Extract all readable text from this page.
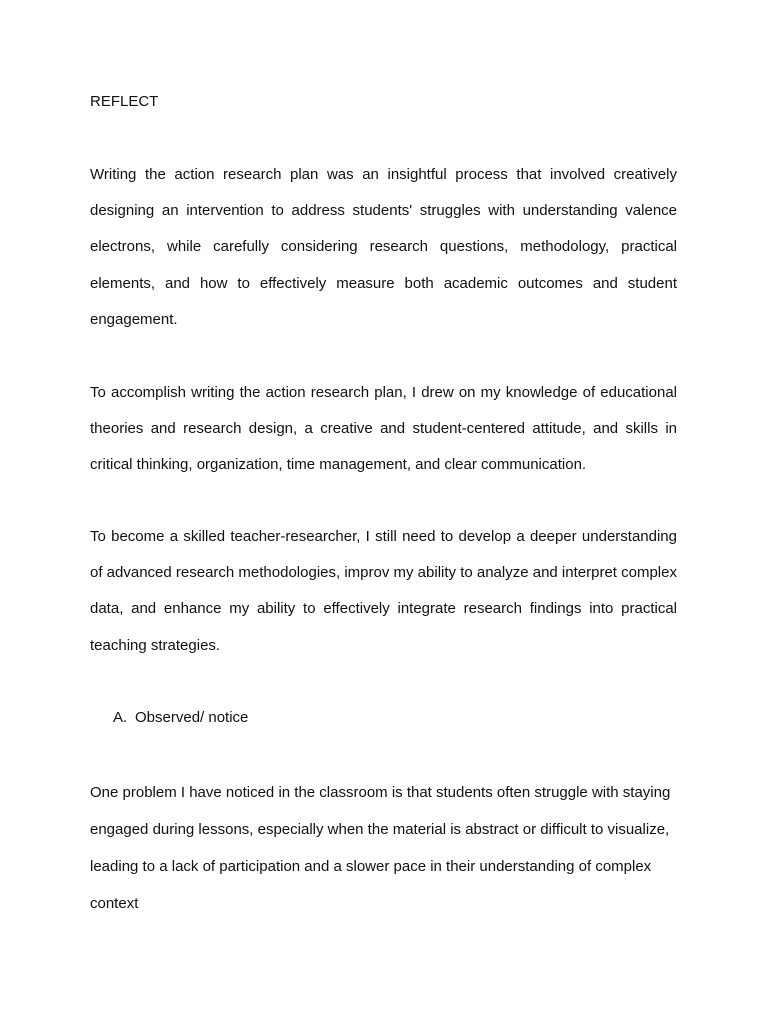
REFLECT

Writing the action research plan was an insightful process that involved creatively designing an intervention to address students' struggles with understanding valence electrons, while carefully considering research questions, methodology, practical elements, and how to effectively measure both academic outcomes and student engagement.

To accomplish writing the action research plan, I drew on my knowledge of educational theories and research design, a creative and student-centered attitude, and skills in critical thinking, organization, time management, and clear communication.

To become a skilled teacher-researcher, I still need to develop a deeper understanding of advanced research methodologies, improv my ability to analyze and interpret complex data, and enhance my ability to effectively integrate research findings into practical teaching strategies.

A. Observed/ notice

One problem I have noticed in the classroom is that students often struggle with staying engaged during lessons, especially when the material is abstract or difficult to visualize, leading to a lack of participation and a slower pace in their understanding of complex context
